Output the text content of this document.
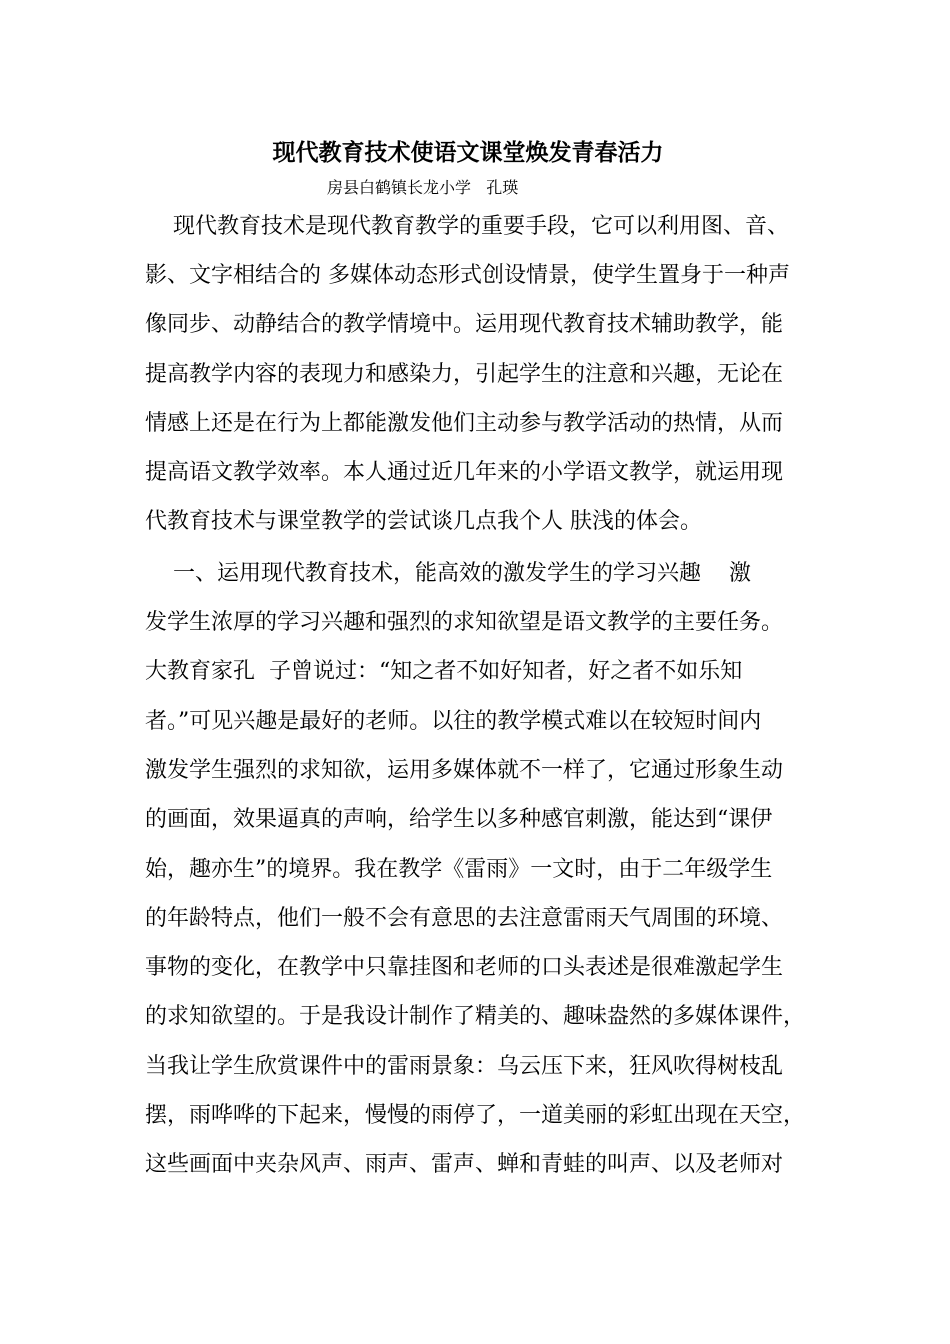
现代教育技术使语文课堂焕发青春活力

房县白鹤镇长龙小学   孔瑛

现代教育技术是现代教育教学的重要手段，它可以利用图、音、

影、文字相结合的 多媒体动态形式创设情景，使学生置身于一种声

像同步、动静结合的教学情境中。运用现代教育技术辅助教学，能

提高教学内容的表现力和感染力，引起学生的注意和兴趣，无论在

情感上还是在行为上都能激发他们主动参与教学活动的热情，从而

提高语文教学效率。本人通过近几年来的小学语文教学，就运用现

代教育技术与课堂教学的尝试谈几点我个人 肤浅的体会。

一、运用现代教育技术，能高效的激发学生的学习兴趣    激

发学生浓厚的学习兴趣和强烈的求知欲望是语文教学的主要任务。

大教育家孔  子曾说过：“知之者不如好知者，好之者不如乐知

者。”可见兴趣是最好的老师。以往的教学模式难以在较短时间内

激发学生强烈的求知欲，运用多媒体就不一样了，它通过形象生动

的画面，效果逼真的声响，给学生以多种感官刺激，能达到“课伊

始，趣亦生”的境界。我在教学《雷雨》一文时，由于二年级学生

的年龄特点，他们一般不会有意思的去注意雷雨天气周围的环境、

事物的变化，在教学中只靠挂图和老师的口头表述是很难激起学生

的求知欲望的。于是我设计制作了精美的、趣味盎然的多媒体课件，

当我让学生欣赏课件中的雷雨景象：乌云压下来，狂风吹得树枝乱

摆，雨哗哗的下起来，慢慢的雨停了，一道美丽的彩虹出现在天空，

这些画面中夹杂风声、雨声、雷声、蝉和青蛙的叫声、以及老师对
